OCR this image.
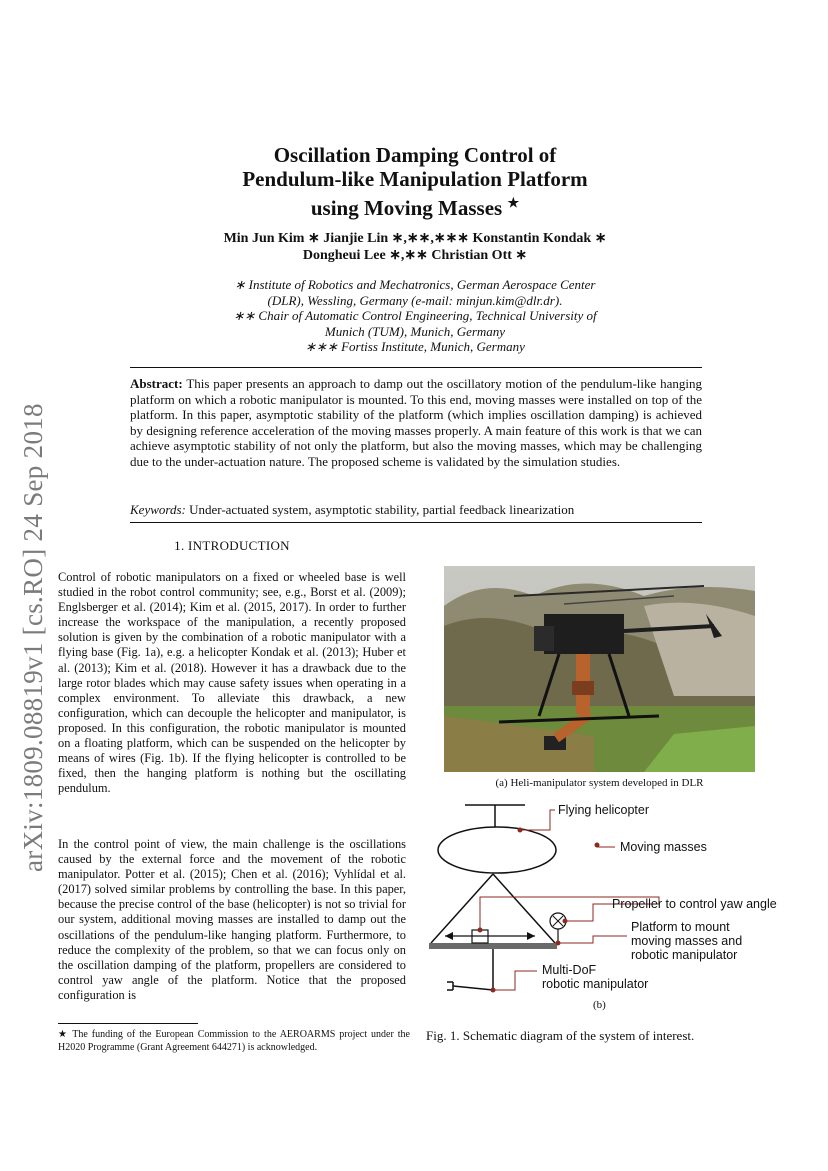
arXiv:1809.08819v1 [cs.RO] 24 Sep 2018
Oscillation Damping Control of
Pendulum-like Manipulation Platform
using Moving Masses ★
Min Jun Kim ∗ Jianjie Lin ∗,∗∗,∗∗∗ Konstantin Kondak ∗
Dongheui Lee ∗,∗∗ Christian Ott ∗
∗ Institute of Robotics and Mechatronics, German Aerospace Center
(DLR), Wessling, Germany (e-mail: minjun.kim@dlr.dr).
∗∗ Chair of Automatic Control Engineering, Technical University of
Munich (TUM), Munich, Germany
∗∗∗ Fortiss Institute, Munich, Germany
Abstract: This paper presents an approach to damp out the oscillatory motion of the pendulum-like hanging platform on which a robotic manipulator is mounted. To this end, moving masses were installed on top of the platform. In this paper, asymptotic stability of the platform (which implies oscillation damping) is achieved by designing reference acceleration of the moving masses properly. A main feature of this work is that we can achieve asymptotic stability of not only the platform, but also the moving masses, which may be challenging due to the under-actuation nature. The proposed scheme is validated by the simulation studies.
Keywords: Under-actuated system, asymptotic stability, partial feedback linearization
1. INTRODUCTION
Control of robotic manipulators on a fixed or wheeled base is well studied in the robot control community; see, e.g., Borst et al. (2009); Englsberger et al. (2014); Kim et al. (2015, 2017). In order to further increase the workspace of the manipulation, a recently proposed solution is given by the combination of a robotic manipulator with a flying base (Fig. 1a), e.g. a helicopter Kondak et al. (2013); Huber et al. (2013); Kim et al. (2018). However it has a drawback due to the large rotor blades which may cause safety issues when operating in a complex environment. To alleviate this drawback, a new configuration, which can decouple the helicopter and manipulator, is proposed. In this configuration, the robotic manipulator is mounted on a floating platform, which can be suspended on the helicopter by means of wires (Fig. 1b). If the flying helicopter is controlled to be fixed, then the hanging platform is nothing but the oscillating pendulum.
In the control point of view, the main challenge is the oscillations caused by the external force and the movement of the robotic manipulator. Potter et al. (2015); Chen et al. (2016); Vyhlídal et al. (2017) solved similar problems by controlling the base. In this paper, because the precise control of the base (helicopter) is not so trivial for our system, additional moving masses are installed to damp out the oscillations of the pendulum-like hanging platform. Furthermore, to reduce the complexity of the problem, so that we can focus only on the oscillation damping of the platform, propellers are considered to control yaw angle of the platform. Notice that the proposed configuration is
★ The funding of the European Commission to the AEROARMS project under the H2020 Programme (Grant Agreement 644271) is acknowledged.
(a) Heli-manipulator system developed in DLR
Flying helicopter
Moving masses
Propeller to control yaw angle
Platform to mount
moving masses and
robotic manipulator
Multi-DoF
robotic manipulator
(b)
Fig. 1. Schematic diagram of the system of interest.
